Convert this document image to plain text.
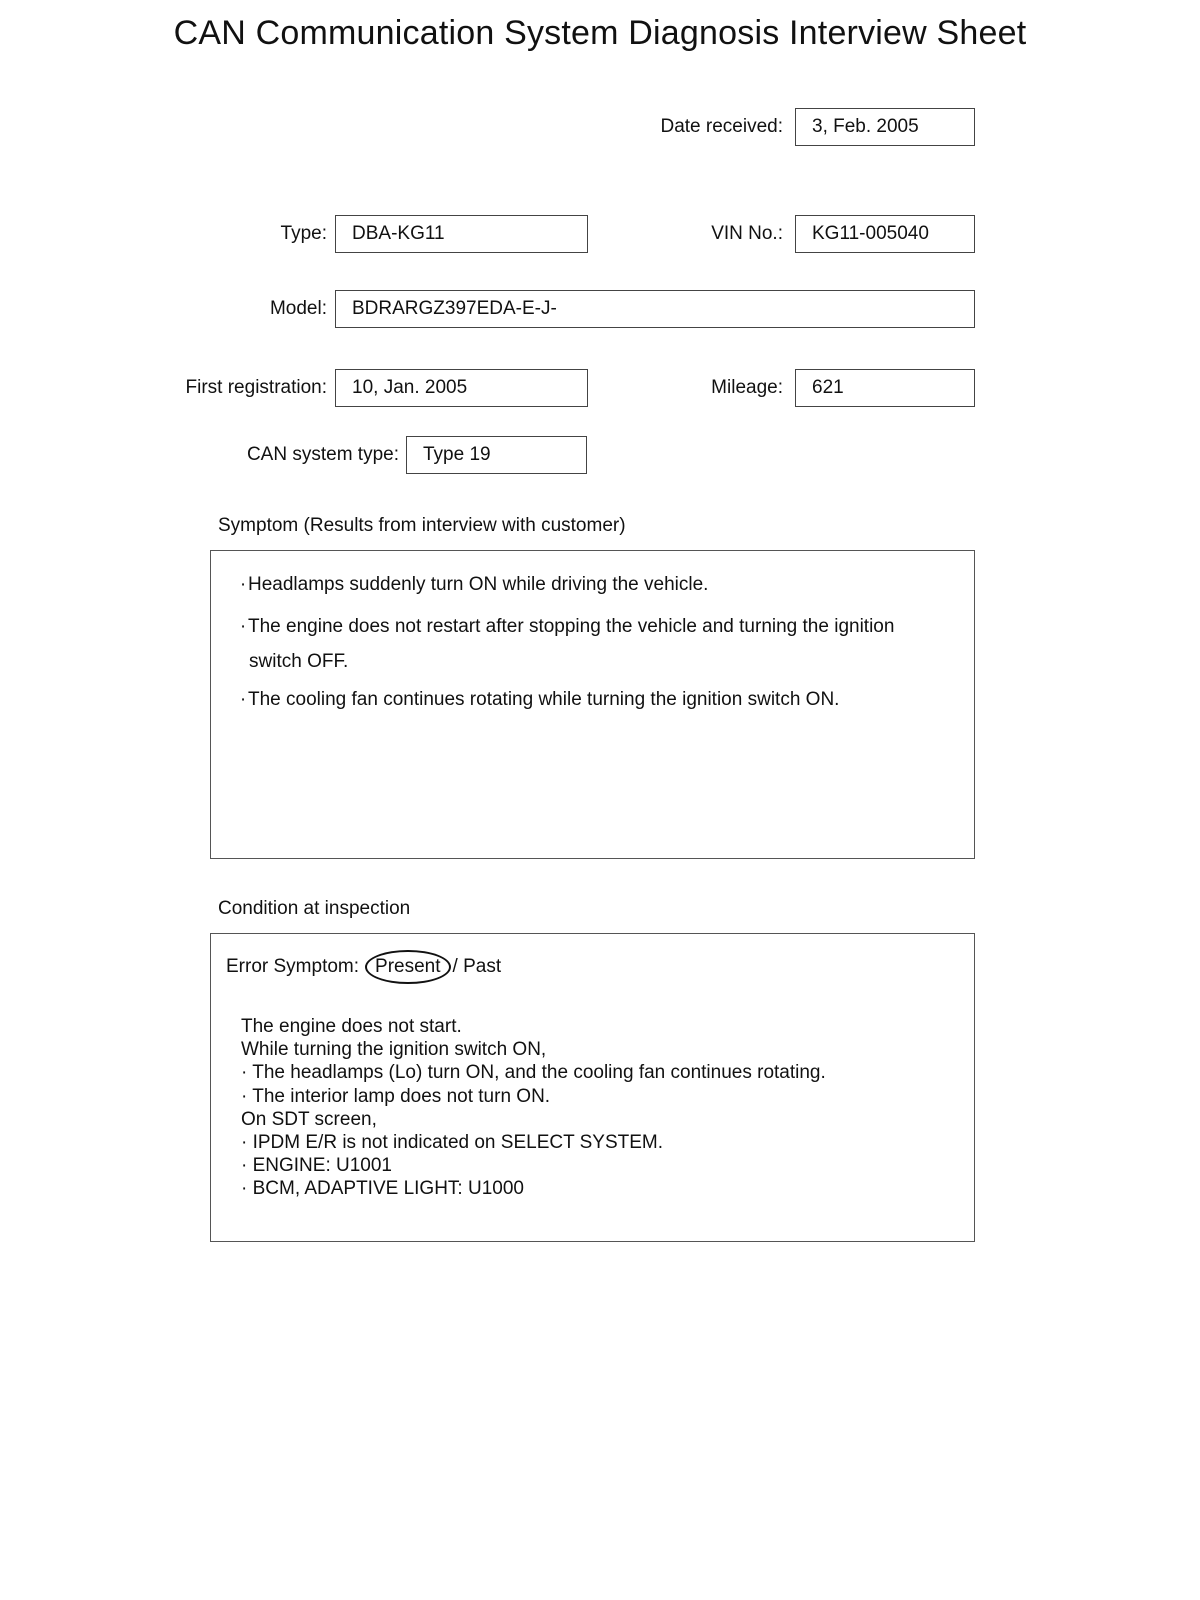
CAN Communication System Diagnosis Interview Sheet
Date received: 3, Feb. 2005
Type: DBA-KG11	VIN No.: KG11-005040
Model: BDRARGZ397EDA-E-J-
First registration: 10, Jan. 2005	Mileage: 621
CAN system type: Type 19
Symptom (Results from interview with customer)
·Headlamps suddenly turn ON while driving the vehicle.
·The engine does not restart after stopping the vehicle and turning the ignition
switch OFF.
·The cooling fan continues rotating while turning the ignition switch ON.
Condition at inspection
Error Symptom: Present / Past
The engine does not start.
While turning the ignition switch ON,
· The headlamps (Lo) turn ON, and the cooling fan continues rotating.
· The interior lamp does not turn ON.
On SDT screen,
· IPDM E/R is not indicated on SELECT SYSTEM.
· ENGINE: U1001
· BCM, ADAPTIVE LIGHT: U1000
